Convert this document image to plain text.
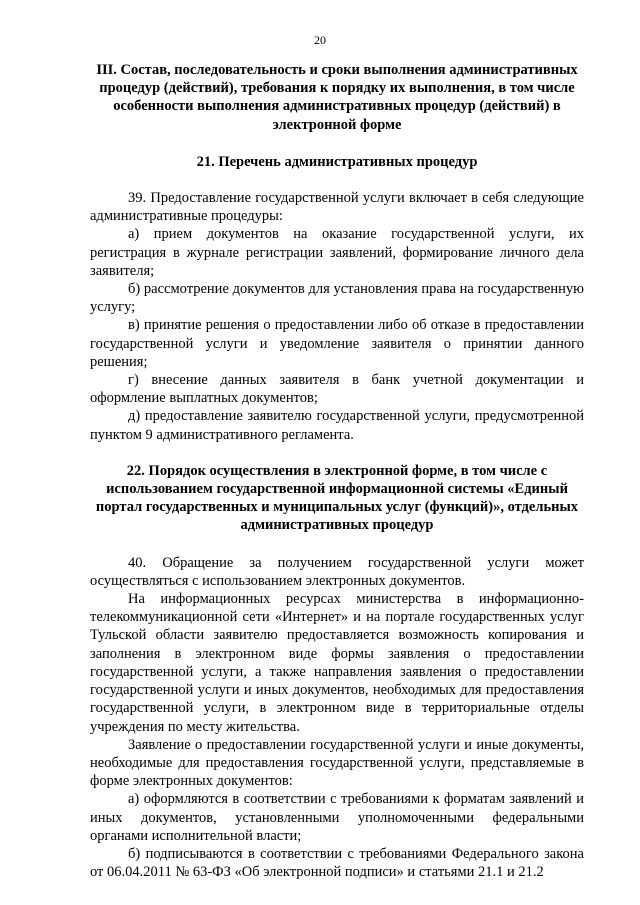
20

III. Состав, последовательность и сроки выполнения административных процедур (действий), требования к порядку их выполнения, в том числе особенности выполнения административных процедур (действий) в электронной форме

21. Перечень административных процедур

39. Предоставление государственной услуги включает в себя следующие административные процедуры:

а) прием документов на оказание государственной услуги, их регистрация в журнале регистрации заявлений, формирование личного дела заявителя;

б) рассмотрение документов для установления права на государственную услугу;

в) принятие решения о предоставлении либо об отказе в предоставлении государственной услуги и уведомление заявителя о принятии данного решения;

г) внесение данных заявителя в банк учетной документации и оформление выплатных документов;

д) предоставление заявителю государственной услуги, предусмотренной пунктом 9 административного регламента.

22. Порядок осуществления в электронной форме, в том числе с использованием государственной информационной системы «Единый портал государственных и муниципальных услуг (функций)», отдельных административных процедур

40. Обращение за получением государственной услуги может осуществляться с использованием электронных документов.

На информационных ресурсах министерства в информационно-телекоммуникационной сети «Интернет» и на портале государственных услуг Тульской области заявителю предоставляется возможность копирования и заполнения в электронном виде формы заявления о предоставлении государственной услуги, а также направления заявления о предоставлении государственной услуги и иных документов, необходимых для предоставления государственной услуги, в электронном виде в территориальные отделы учреждения по месту жительства.

Заявление о предоставлении государственной услуги и иные документы, необходимые для предоставления государственной услуги, представляемые в форме электронных документов:

а) оформляются в соответствии с требованиями к форматам заявлений и иных документов, установленными уполномоченными федеральными органами исполнительной власти;

б) подписываются в соответствии с требованиями Федерального закона от 06.04.2011 № 63-ФЗ «Об электронной подписи» и статьями 21.1 и 21.2
